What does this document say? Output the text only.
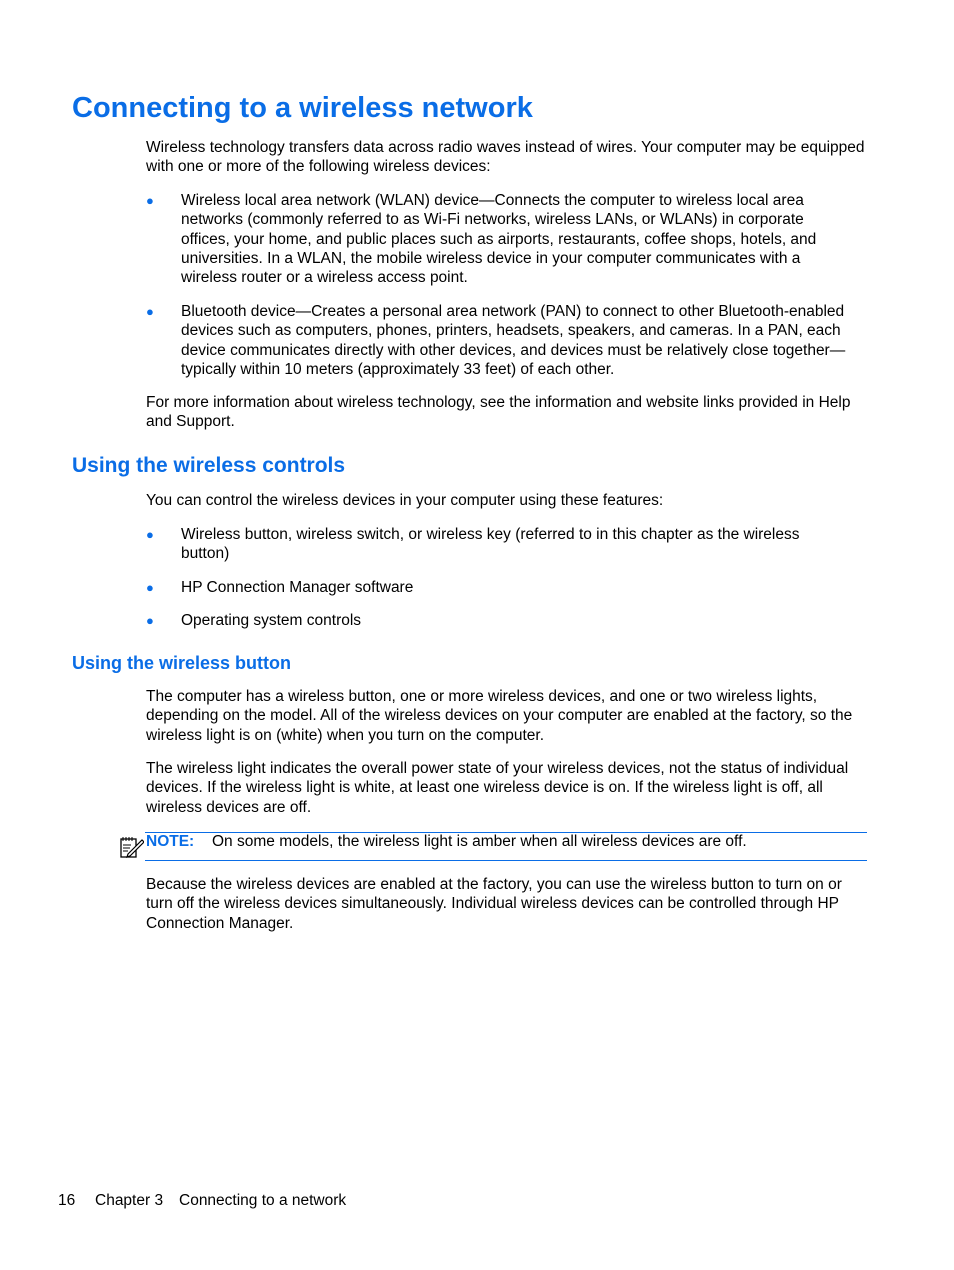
Connecting to a wireless network

Wireless technology transfers data across radio waves instead of wires. Your computer may be equipped with one or more of the following wireless devices:

● Wireless local area network (WLAN) device—Connects the computer to wireless local area networks (commonly referred to as Wi-Fi networks, wireless LANs, or WLANs) in corporate offices, your home, and public places such as airports, restaurants, coffee shops, hotels, and universities. In a WLAN, the mobile wireless device in your computer communicates with a wireless router or a wireless access point.
● Bluetooth device—Creates a personal area network (PAN) to connect to other Bluetooth-enabled devices such as computers, phones, printers, headsets, speakers, and cameras. In a PAN, each device communicates directly with other devices, and devices must be relatively close together—typically within 10 meters (approximately 33 feet) of each other.

For more information about wireless technology, see the information and website links provided in Help and Support.

Using the wireless controls

You can control the wireless devices in your computer using these features:

● Wireless button, wireless switch, or wireless key (referred to in this chapter as the wireless button)
● HP Connection Manager software
● Operating system controls
Using the wireless button

The computer has a wireless button, one or more wireless devices, and one or two wireless lights, depending on the model. All of the wireless devices on your computer are enabled at the factory, so the wireless light is on (white) when you turn on the computer.

The wireless light indicates the overall power state of your wireless devices, not the status of individual devices. If the wireless light is white, at least one wireless device is on. If the wireless light is off, all wireless devices are off.

NOTE: On some models, the wireless light is amber when all wireless devices are off.

Because the wireless devices are enabled at the factory, you can use the wireless button to turn on or turn off the wireless devices simultaneously. Individual wireless devices can be controlled through HP Connection Manager.

16 Chapter 3 Connecting to a network
